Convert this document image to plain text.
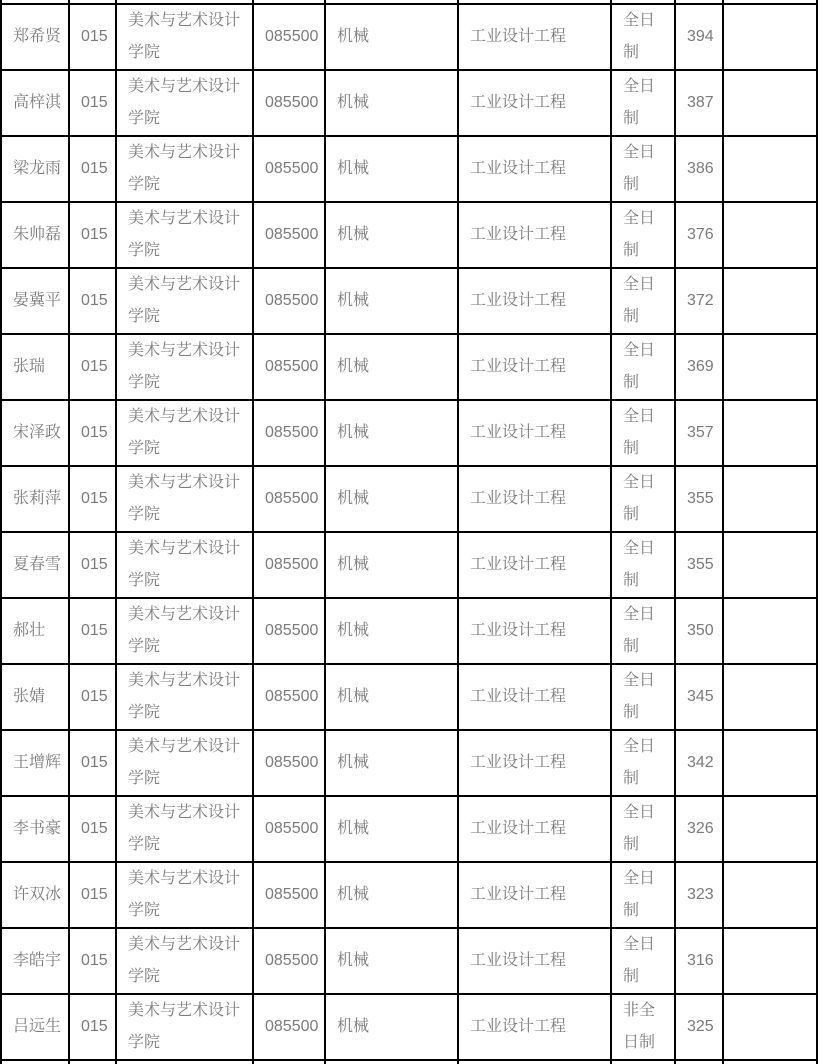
郑希贤	015	美术与艺术设计学院	085500	机械	工业设计工程	全日制	394	
高梓淇	015	美术与艺术设计学院	085500	机械	工业设计工程	全日制	387	
梁龙雨	015	美术与艺术设计学院	085500	机械	工业设计工程	全日制	386	
朱帅磊	015	美术与艺术设计学院	085500	机械	工业设计工程	全日制	376	
晏冀平	015	美术与艺术设计学院	085500	机械	工业设计工程	全日制	372	
张瑞	015	美术与艺术设计学院	085500	机械	工业设计工程	全日制	369	
宋泽政	015	美术与艺术设计学院	085500	机械	工业设计工程	全日制	357	
张莉萍	015	美术与艺术设计学院	085500	机械	工业设计工程	全日制	355	
夏春雪	015	美术与艺术设计学院	085500	机械	工业设计工程	全日制	355	
郝壮	015	美术与艺术设计学院	085500	机械	工业设计工程	全日制	350	
张婧	015	美术与艺术设计学院	085500	机械	工业设计工程	全日制	345	
王增辉	015	美术与艺术设计学院	085500	机械	工业设计工程	全日制	342	
李书豪	015	美术与艺术设计学院	085500	机械	工业设计工程	全日制	326	
许双冰	015	美术与艺术设计学院	085500	机械	工业设计工程	全日制	323	
李皓宇	015	美术与艺术设计学院	085500	机械	工业设计工程	全日制	316	
吕远生	015	美术与艺术设计学院	085500	机械	工业设计工程	非全日制	325	
